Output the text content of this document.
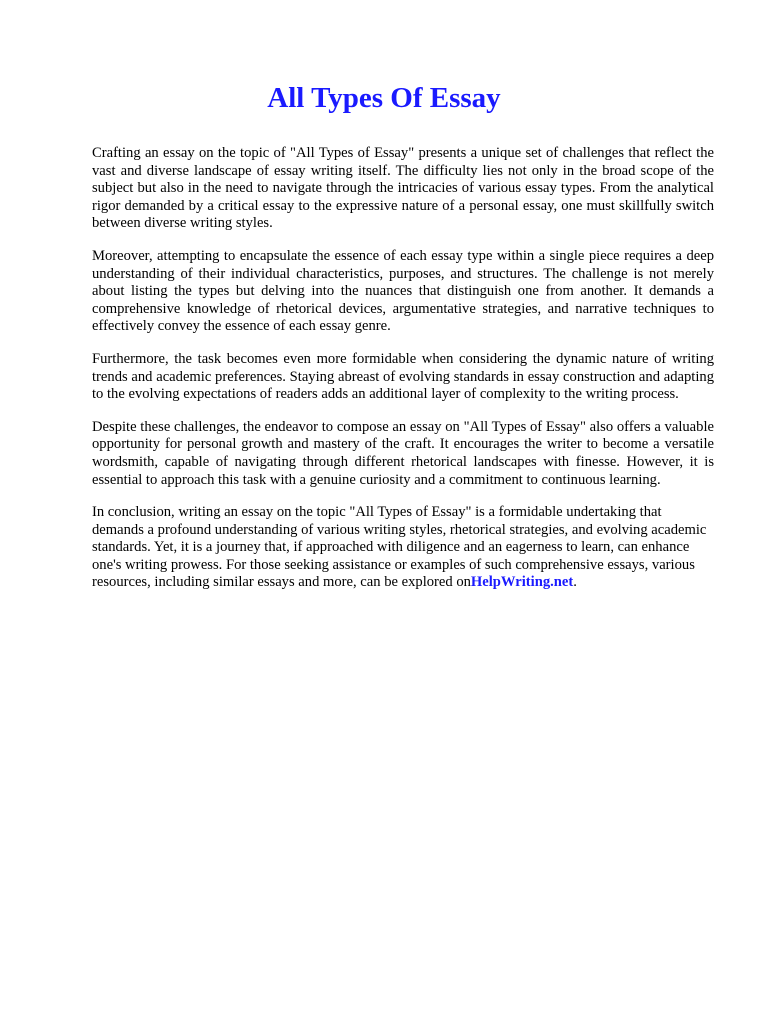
All Types Of Essay

Crafting an essay on the topic of "All Types of Essay" presents a unique set of challenges that reflect the vast and diverse landscape of essay writing itself. The difficulty lies not only in the broad scope of the subject but also in the need to navigate through the intricacies of various essay types. From the analytical rigor demanded by a critical essay to the expressive nature of a personal essay, one must skillfully switch between diverse writing styles.

Moreover, attempting to encapsulate the essence of each essay type within a single piece requires a deep understanding of their individual characteristics, purposes, and structures. The challenge is not merely about listing the types but delving into the nuances that distinguish one from another. It demands a comprehensive knowledge of rhetorical devices, argumentative strategies, and narrative techniques to effectively convey the essence of each essay genre.

Furthermore, the task becomes even more formidable when considering the dynamic nature of writing trends and academic preferences. Staying abreast of evolving standards in essay construction and adapting to the evolving expectations of readers adds an additional layer of complexity to the writing process.

Despite these challenges, the endeavor to compose an essay on "All Types of Essay" also offers a valuable opportunity for personal growth and mastery of the craft. It encourages the writer to become a versatile wordsmith, capable of navigating through different rhetorical landscapes with finesse. However, it is essential to approach this task with a genuine curiosity and a commitment to continuous learning.

In conclusion, writing an essay on the topic "All Types of Essay" is a formidable undertaking that demands a profound understanding of various writing styles, rhetorical strategies, and evolving academic standards. Yet, it is a journey that, if approached with diligence and an eagerness to learn, can enhance one's writing prowess. For those seeking assistance or examples of such comprehensive essays, various resources, including similar essays and more, can be explored onHelpWriting.net.
